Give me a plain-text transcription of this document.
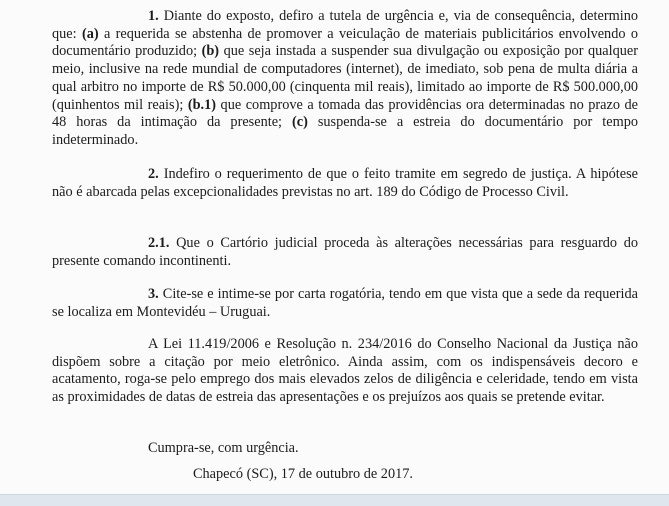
1. Diante do exposto, defiro a tutela de urgência e, via de consequência, determino que: (a) a requerida se abstenha de promover a veiculação de materiais publicitários envolvendo o documentário produzido; (b) que seja instada a suspender sua divulgação ou exposição por qualquer meio, inclusive na rede mundial de computadores (internet), de imediato, sob pena de multa diária a qual arbitro no importe de R$ 50.000,00 (cinquenta mil reais), limitado ao importe de R$ 500.000,00 (quinhentos mil reais); (b.1) que comprove a tomada das providências ora determinadas no prazo de 48 horas da intimação da presente; (c) suspenda-se a estreia do documentário por tempo indeterminado.
2. Indefiro o requerimento de que o feito tramite em segredo de justiça. A hipótese não é abarcada pelas excepcionalidades previstas no art. 189 do Código de Processo Civil.
2.1. Que o Cartório judicial proceda às alterações necessárias para resguardo do presente comando incontinenti.
3. Cite-se e intime-se por carta rogatória, tendo em que vista que a sede da requerida se localiza em Montevidéu – Uruguai.
A Lei 11.419/2006 e Resolução n. 234/2016 do Conselho Nacional da Justiça não dispõem sobre a citação por meio eletrônico. Ainda assim, com os indispensáveis decoro e acatamento, roga-se pelo emprego dos mais elevados zelos de diligência e celeridade, tendo em vista as proximidades de datas de estreia das apresentações e os prejuízos aos quais se pretende evitar.
Cumpra-se, com urgência.
Chapecó (SC), 17 de outubro de 2017.
